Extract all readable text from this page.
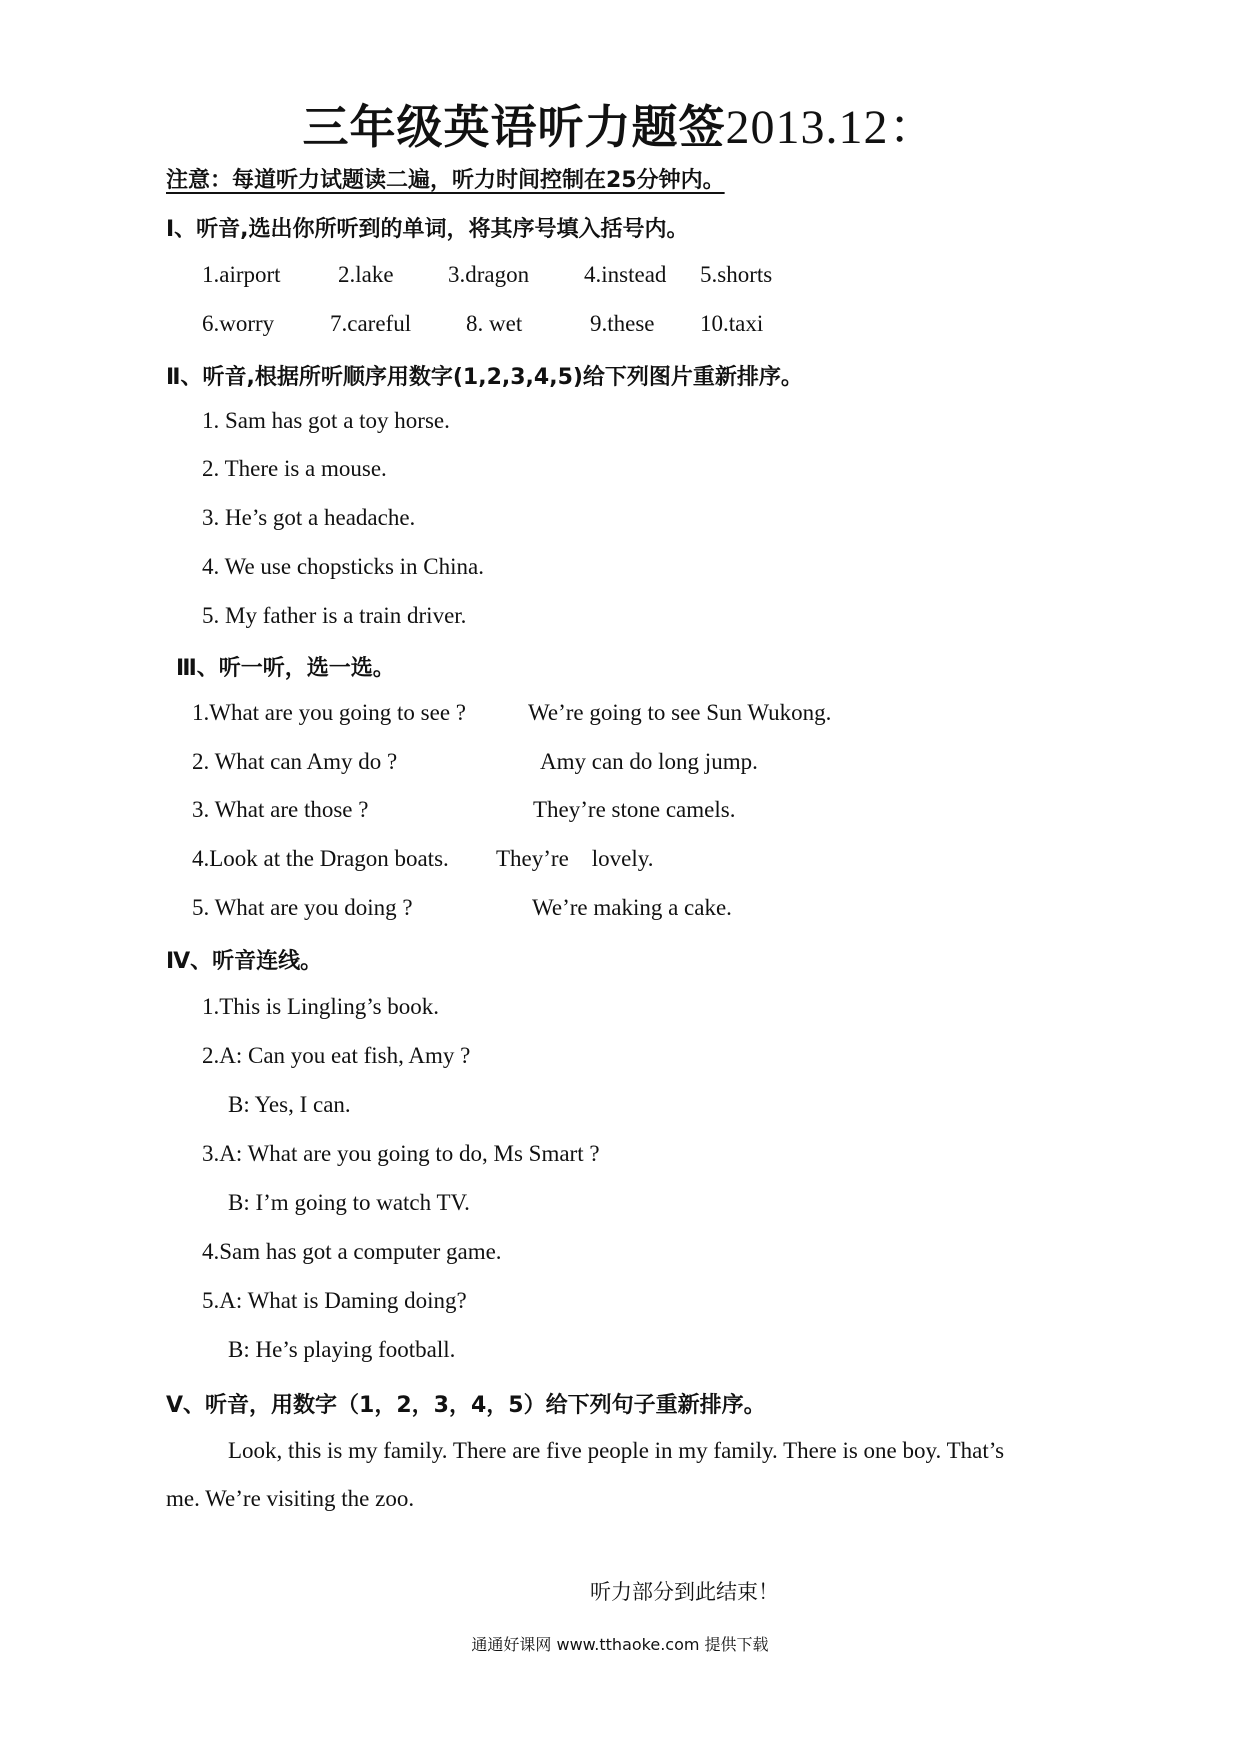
三年级英语听力题签2013.12：
注意：每道听力试题读二遍，听力时间控制在25分钟内。
Ⅰ、听音,选出你所听到的单词，将其序号填入括号内。
1.airport 2.lake 3.dragon 4.instead 5.shorts
6.worry 7.careful 8. wet	9.these 10.taxi
Ⅱ、听音,根据所听顺序用数字(1,2,3,4,5)给下列图片重新排序。
1. Sam has got a toy horse.
2. There is a mouse.
3. He’s got a headache.
4. We use chopsticks in China.
5. My father is a train driver.
Ⅲ、听一听，选一选。
1.What are you going to see ?	We’re going to see Sun Wukong.
2. What can Amy do ?	Amy can do long jump.
3. What are those ?	They’re stone camels.
4.Look at the Dragon boats. They’re    lovely.
5. What are you doing ?	We’re making a cake.
Ⅳ、听音连线。
1.This is Lingling’s book.
2.A: Can you eat fish, Amy ?
B: Yes, I can.
3.A: What are you going to do, Ms Smart ?
B: I’m going to watch TV.
4.Sam has got a computer game.
5.A: What is Daming doing?
B: He’s playing football.
Ⅴ、听音，用数字（1，2，3，4，5）给下列句子重新排序。
Look, this is my family. There are five people in my family. There is one boy. That’s
me. We’re visiting the zoo.
听力部分到此结束！
通通好课网 www.tthaoke.com 提供下载
